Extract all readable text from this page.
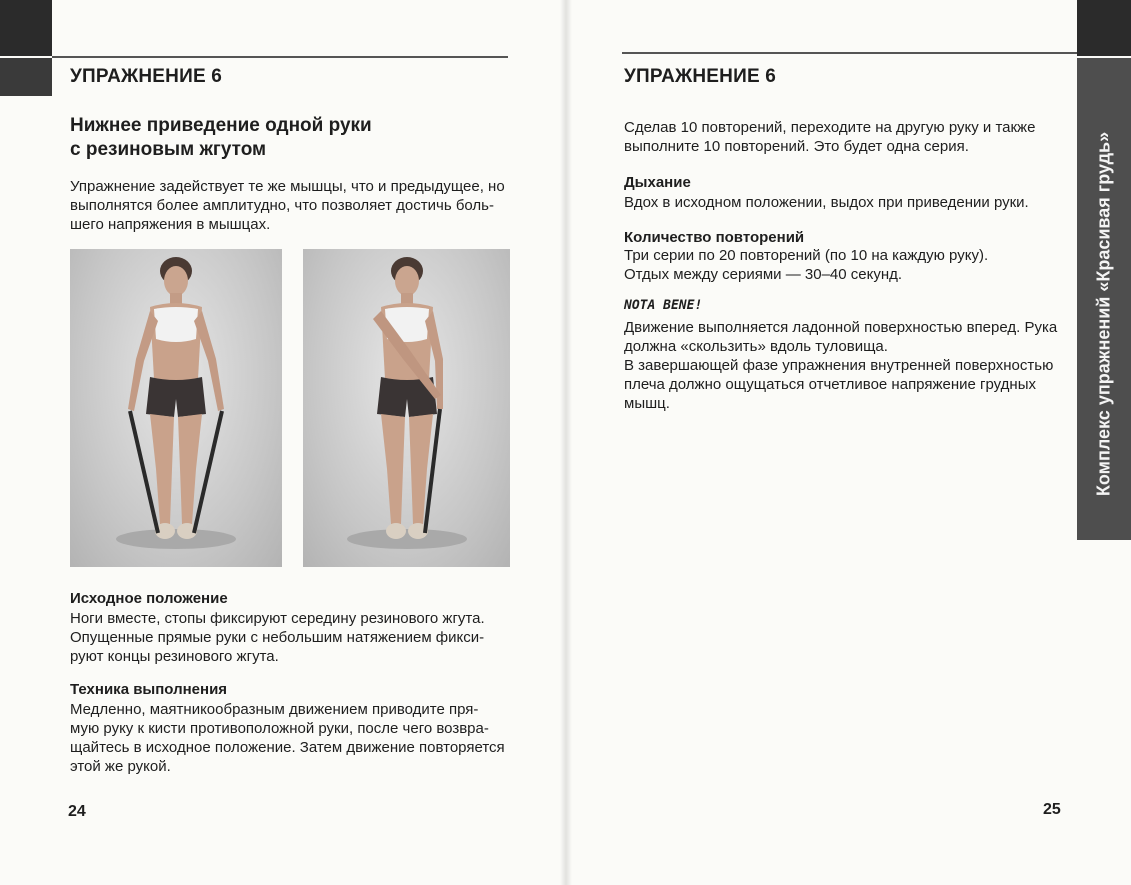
Комплекс упражнений «Красивая грудь»
УПРАЖНЕНИЕ 6
Нижнее приведение одной руки
с резиновым жгутом
Упражнение задействует те же мышцы, что и предыдущее, но
выполнятся более амплитудно, что позволяет достичь боль-
шего напряжения в мышцах.
Исходное положение
Ноги вместе, стопы фиксируют середину резинового жгута.
Опущенные прямые руки с небольшим натяжением фикси-
руют концы резинового жгута.
Техника выполнения
Медленно, маятникообразным движением приводите пря-
мую руку к кисти противоположной руки, после чего возвра-
щайтесь в исходное положение. Затем движение повторяется
этой же рукой.
24
УПРАЖНЕНИЕ 6
Сделав 10 повторений, переходите на другую руку и также
выполните 10 повторений. Это будет одна серия.
Дыхание
Вдох в исходном положении, выдох при приведении руки.
Количество повторений
Три серии по 20 повторений (по 10 на каждую руку).
Отдых между сериями — 30–40 секунд.
NOTA BENE!
Движение выполняется ладонной поверхностью вперед. Рука
должна «скользить» вдоль туловища.
В завершающей фазе упражнения внутренней поверхностью
плеча должно ощущаться отчетливое напряжение грудных
мышц.
25
